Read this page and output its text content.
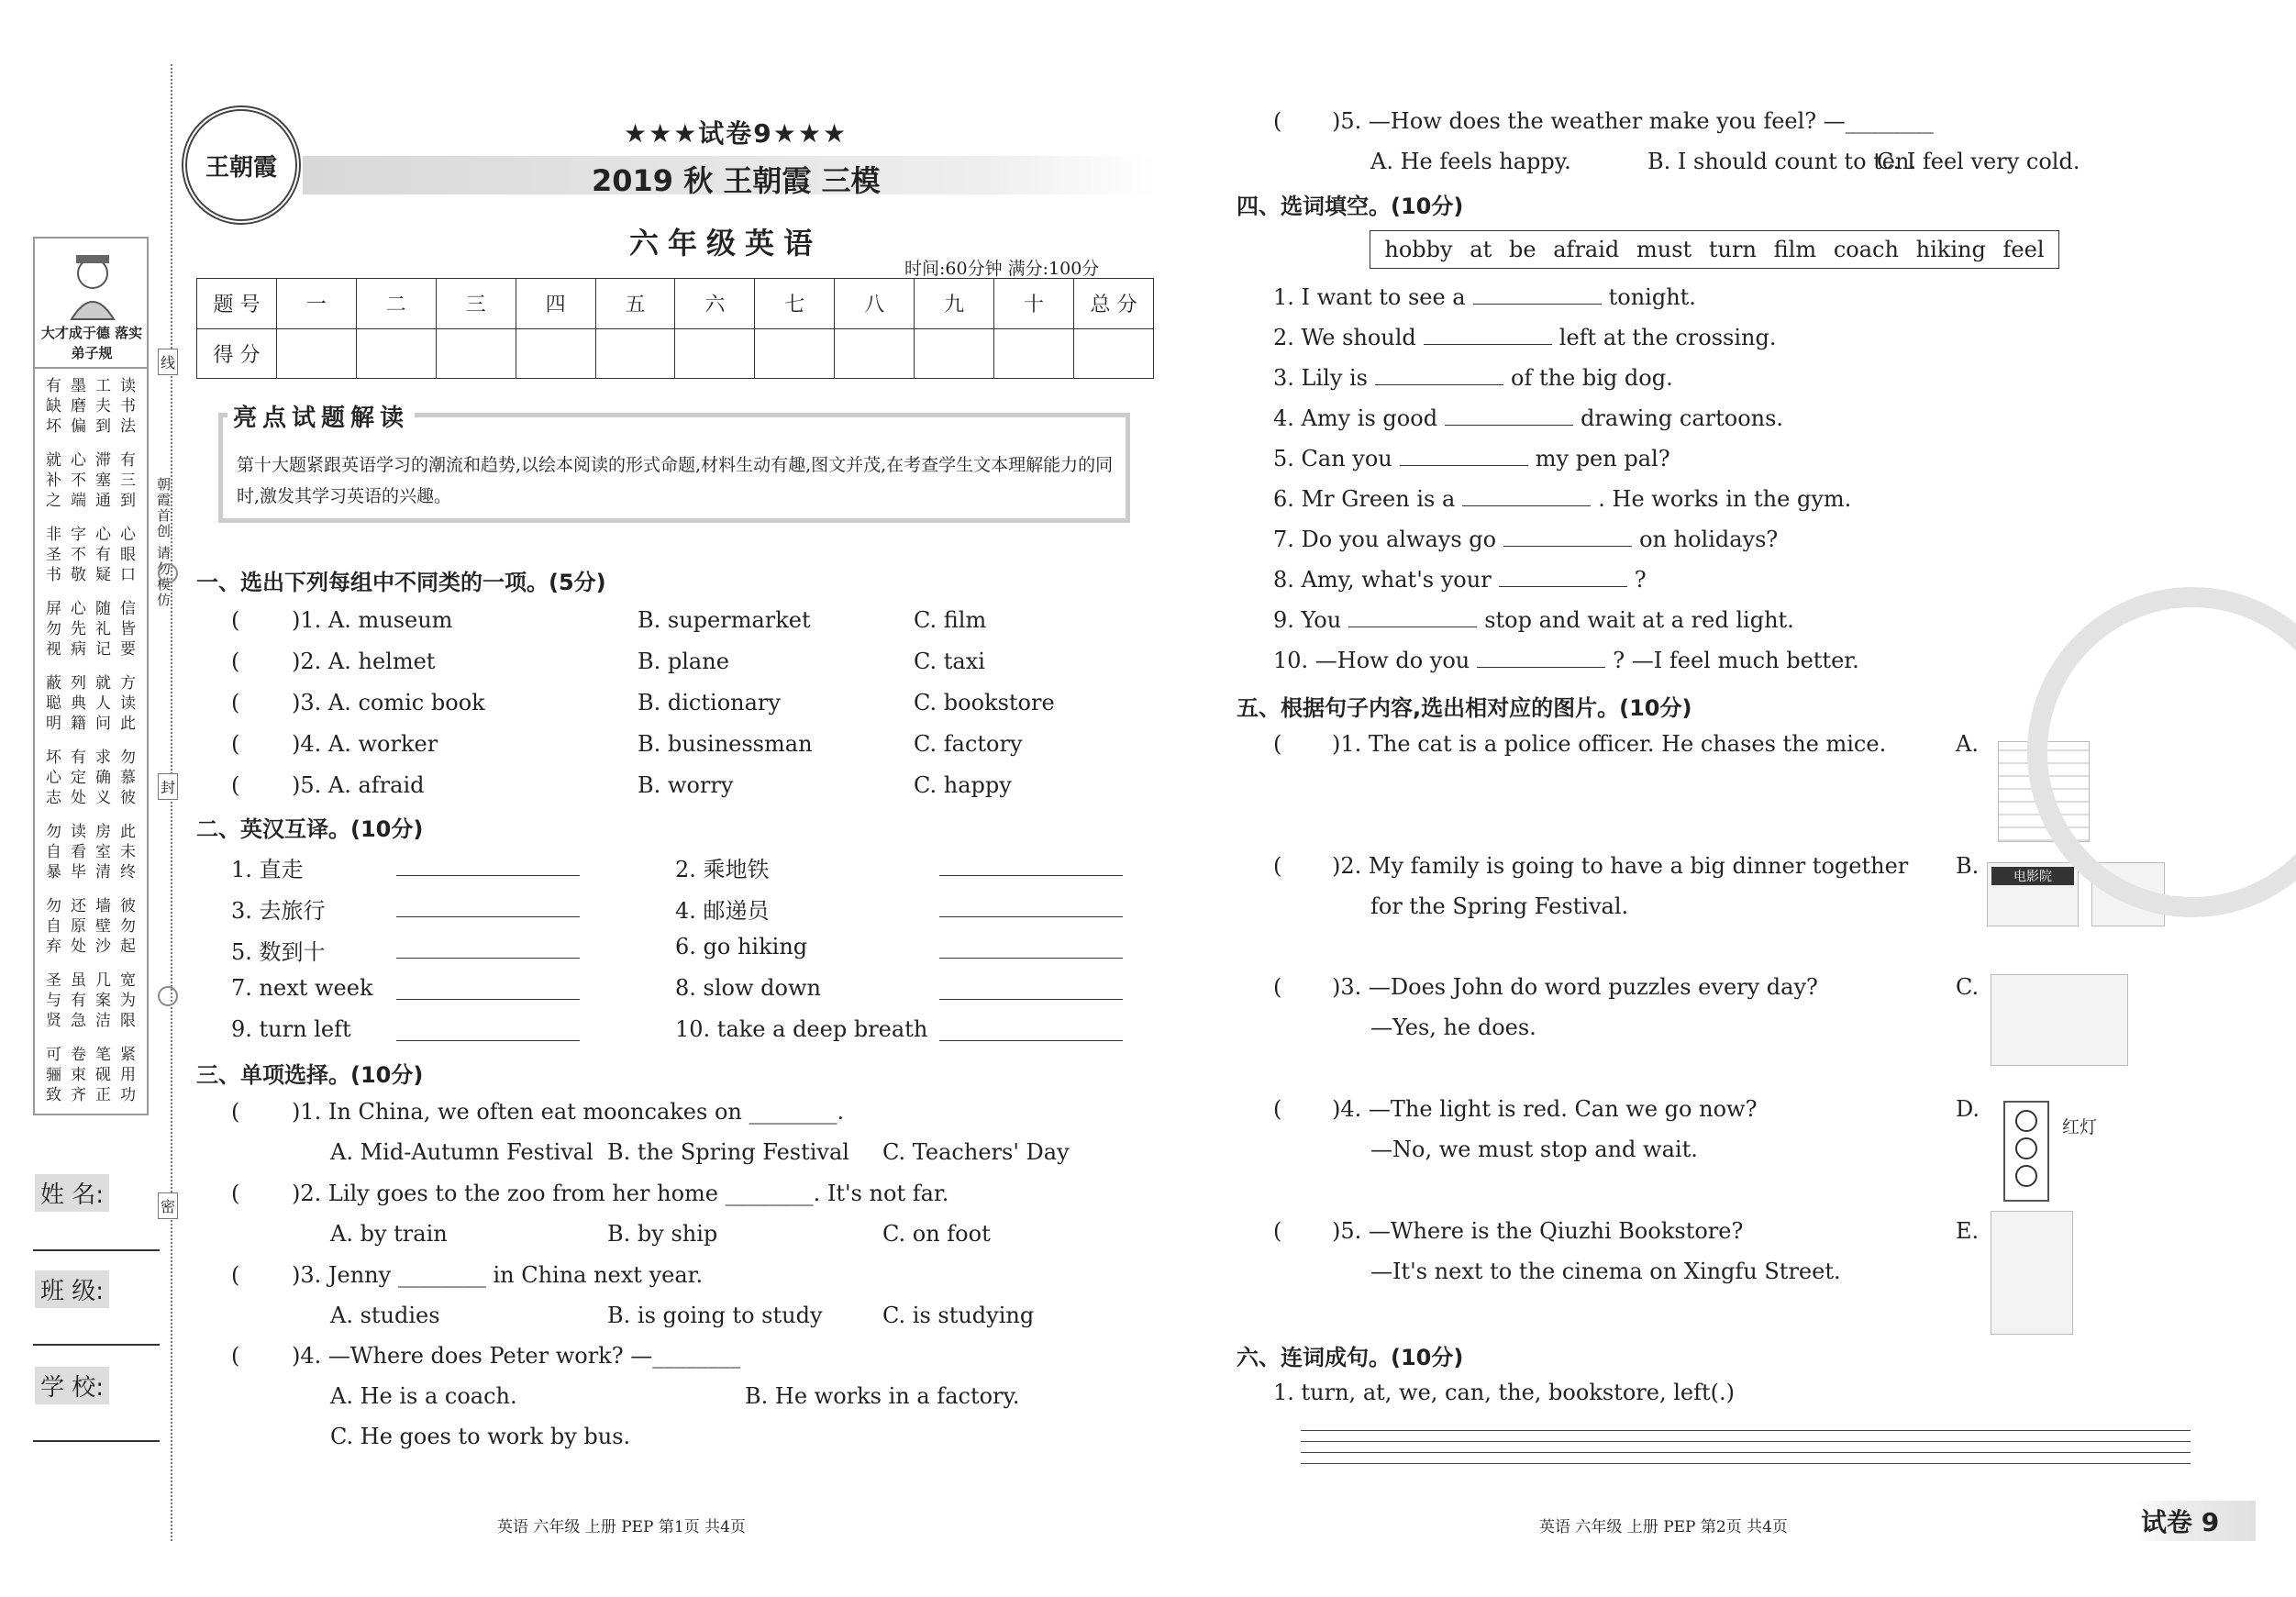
大才成于德 落实弟子规
有墨工读缺磨夫书坏偏到法
就心滞有补不塞三之端通到
非字心心圣不有眼书敬疑口
屏心随信勿先礼皆视病记要
蔽列就方聪典人读明籍问此
坏有求勿心定确慕志处义彼
勿读房此自看室未暴毕清终
勿还墙彼自原壁勿弃处沙起
圣虽几宽与有案为贤急洁限
可卷笔紧骊束砚用致齐正功
朝霞首创 请勿模仿
线
封
密
姓 名:
班 级:
学 校:
王朝霞
★★★试卷9★★★
2019 秋 王朝霞 三模
六年级英语
时间:60分钟 满分:100分
题 号	一	二	三	四	五	六	七	八	九	十	总 分
得 分											
亮点试题解读
第十大题紧跟英语学习的潮流和趋势,以绘本阅读的形式命题,材料生动有趣,图文并茂,在考查学生文本理解能力的同时,激发其学习英语的兴趣。
一、选出下列每组中不同类的一项。(5分)
( )1. A. museum	B. supermarket	C. film
( )2. A. helmet	B. plane	C. taxi
( )3. A. comic book	B. dictionary	C. bookstore
( )4. A. worker	B. businessman	C. factory
( )5. A. afraid	B. worry	C. happy
二、英汉互译。(10分)
1. 直走	2. 乘地铁
3. 去旅行	4. 邮递员
5. 数到十	6. go hiking
7. next week	8. slow down
9. turn left	10. take a deep breath
三、单项选择。(10分)
( )1. In China, we often eat mooncakes on ________.
A. Mid-Autumn Festival B. the Spring Festival C. Teachers' Day
( )2. Lily goes to the zoo from her home ________. It's not far.
A. by train	B. by ship	C. on foot
( )3. Jenny ________ in China next year.
A. studies	B. is going to study	C. is studying
( )4. —Where does Peter work? —________
A. He is a coach.	B. He works in a factory.
C. He goes to work by bus.
( )5. —How does the weather make you feel? —________
A. He feels happy.	B. I should count to ten.
C. I feel very cold.
四、选词填空。(10分)
hobby at be afraid must turn film coach hiking feel
1. I want to see a	tonight.
2. We should	left at the crossing.
3. Lily is	of the big dog.
4. Amy is good	drawing cartoons.
5. Can you	my pen pal?
6. Mr Green is a	. He works in the gym.
7. Do you always go	on holidays?
8. Amy, what's your	?
9. You	stop and wait at a red light.
10. —How do you	? —I feel much better.
五、根据句子内容,选出相对应的图片。(10分)
( )1. The cat is a police officer. He chases the mice.	A.
( )2. My family is going to have a big dinner together
for the Spring Festival.
B.
( )3. —Does John do word puzzles every day?
—Yes, he does.
C.
( )4. —The light is red. Can we go now?
—No, we must stop and wait.
D.
( )5. —Where is the Qiuzhi Bookstore?
—It's next to the cinema on Xingfu Street.
E.
电影院
红灯
六、连词成句。(10分)
1. turn, at, we, can, the, bookstore, left(.)
英语 六年级 上册 PEP 第1页 共4页	英语 六年级 上册 PEP 第2页 共4页	试卷 9
